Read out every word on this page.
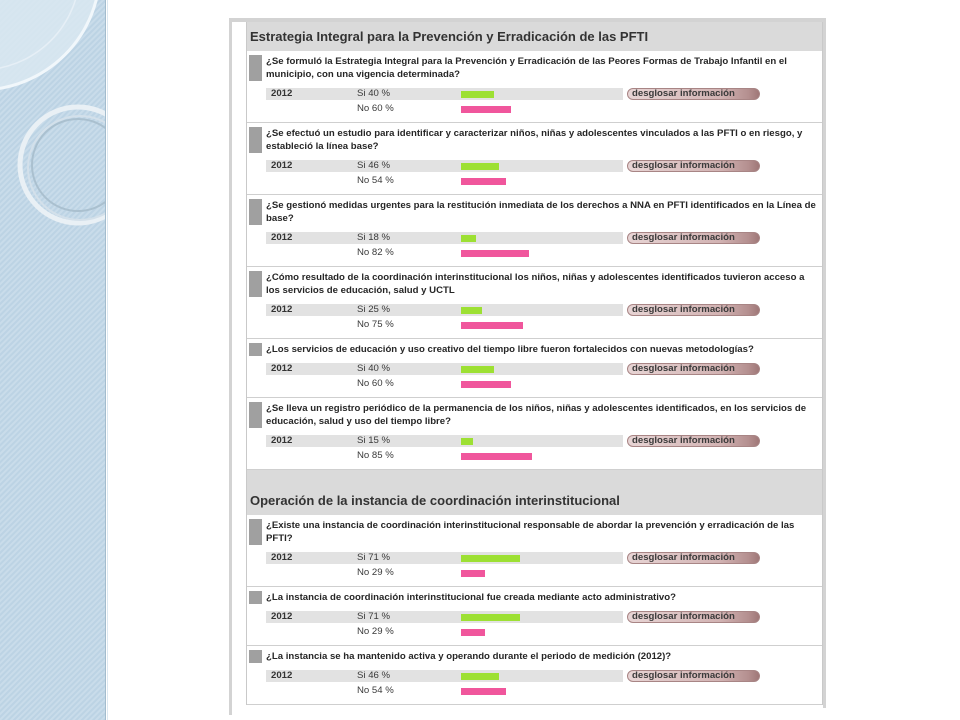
Estrategia Integral para la Prevención y Erradicación de las PFTI
¿Se formuló la Estrategia Integral para la Prevención y Erradicación de las Peores Formas de Trabajo Infantil en el
municipio, con una vigencia determinada?
2012	Si 40 %	desglosar información
No 60 %
¿Se efectuó un estudio para identificar y caracterizar niños, niñas y adolescentes vinculados a las PFTI o en riesgo, y
estableció la línea base?
2012	Si 46 %	desglosar información
No 54 %
¿Se gestionó medidas urgentes para la restitución inmediata de los derechos a NNA en PFTI identificados en la Línea de
base?
2012	Si 18 %	desglosar información
No 82 %
¿Cómo resultado de la coordinación interinstitucional los niños, niñas y adolescentes identificados tuvieron acceso a
los servicios de educación, salud y UCTL
2012	Si 25 %	desglosar información
No 75 %
¿Los servicios de educación y uso creativo del tiempo libre fueron fortalecidos con nuevas metodologías?
2012	Si 40 %	desglosar información
No 60 %
¿Se lleva un registro periódico de la permanencia de los niños, niñas y adolescentes identificados, en los servicios de
educación, salud y uso del tiempo libre?
2012	Si 15 %	desglosar información
No 85 %
Operación de la instancia de coordinación interinstitucional
¿Existe una instancia de coordinación interinstitucional responsable de abordar la prevención y erradicación de las
PFTI?
2012	Si 71 %	desglosar información
No 29 %
¿La instancia de coordinación interinstitucional fue creada mediante acto administrativo?
2012	Si 71 %	desglosar información
No 29 %
¿La instancia se ha mantenido activa y operando durante el periodo de medición (2012)?
2012	Si 46 %	desglosar información
No 54 %
